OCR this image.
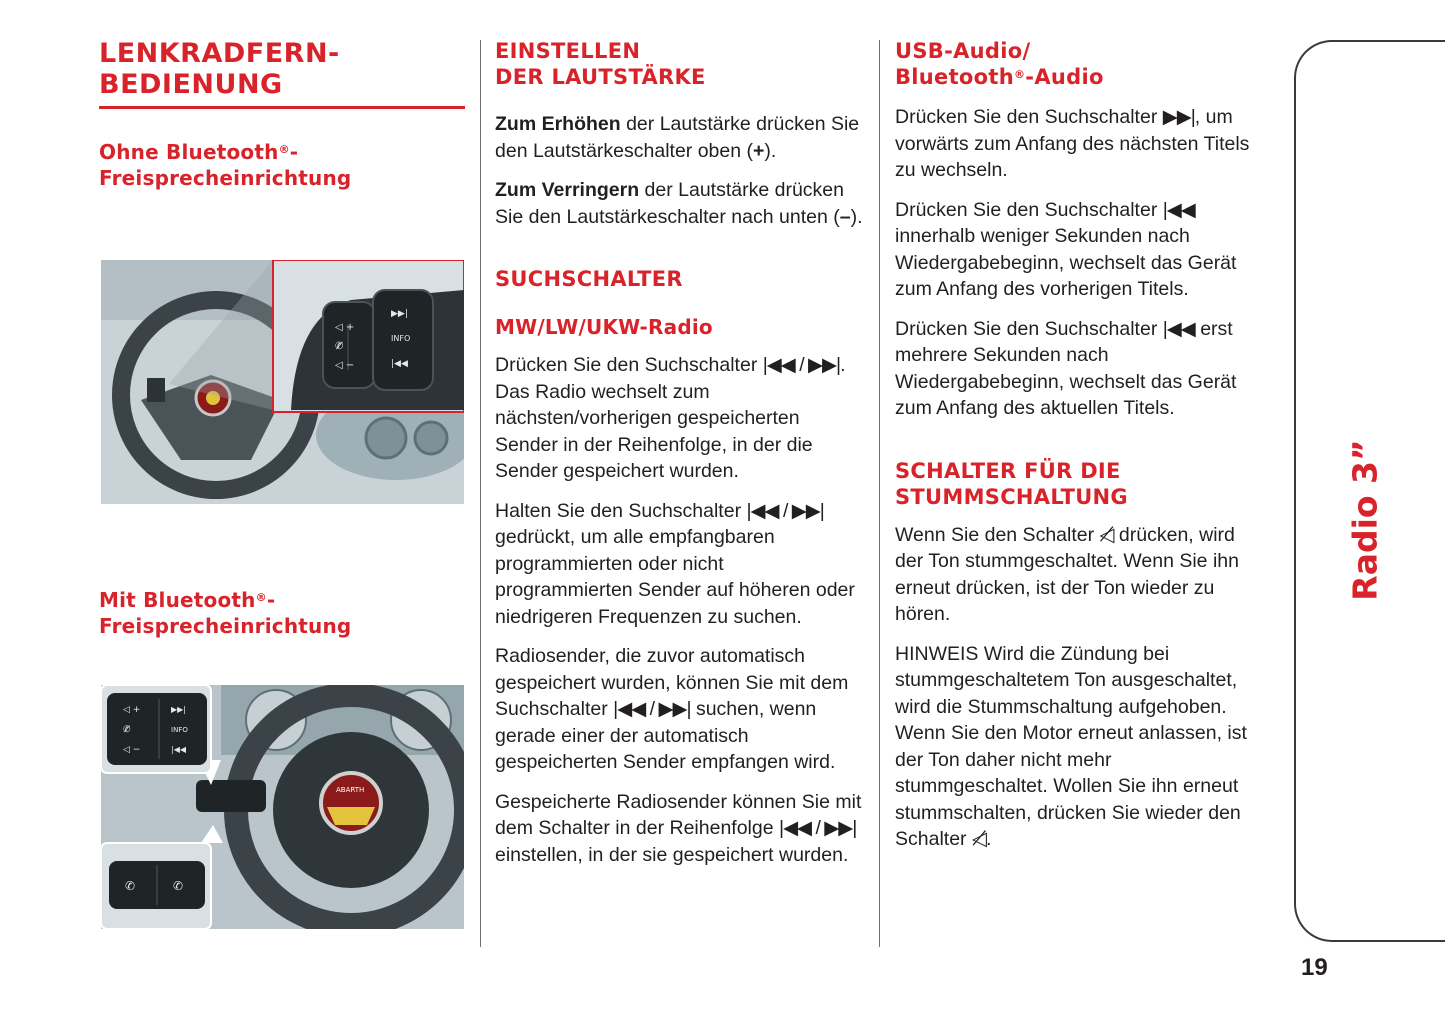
LENKRADFERN-
BEDIENUNG
Ohne Bluetooth®-
Freisprecheinrichtung
Mit Bluetooth®-
Freisprecheinrichtung
◁ +
✆̸
◁ −
▶▶|
INFO
|◀◀
ABARTH
◁ +
✆̸
◁ −
▶▶|
INFO
|◀◀
✆	✆
EINSTELLEN
DER LAUTSTÄRKE

Zum Erhöhen der Lautstärke drücken Sie den Lautstärkeschalter oben (+).

Zum Verringern der Lautstärke drücken Sie den Lautstärkeschalter nach unten (–).

SUCHSCHALTER
MW/LW/UKW-Radio

Drücken Sie den Suchschalter |◀◀ / ▶▶|. Das Radio wechselt zum nächsten/vorherigen gespeicherten Sender in der Reihenfolge, in der die Sender gespeichert wurden.

Halten Sie den Suchschalter |◀◀ / ▶▶| gedrückt, um alle empfangbaren programmierten oder nicht programmierten Sender auf höheren oder niedrigeren Frequenzen zu suchen.

Radiosender, die zuvor automatisch gespeichert wurden, können Sie mit dem Suchschalter |◀◀ / ▶▶| suchen, wenn gerade einer der automatisch gespeicherten Sender empfangen wird.

Gespeicherte Radiosender können Sie mit dem Schalter in der Reihenfolge |◀◀ / ▶▶| einstellen, in der sie gespeichert wurden.

USB-Audio/
Bluetooth®-Audio

Drücken Sie den Suchschalter ▶▶|, um vorwärts zum Anfang des nächsten Titels zu wechseln.

Drücken Sie den Suchschalter |◀◀ innerhalb weniger Sekunden nach Wiedergabebeginn, wechselt das Gerät zum Anfang des vorherigen Titels.

Drücken Sie den Suchschalter |◀◀ erst mehrere Sekunden nach Wiedergabebeginn, wechselt das Gerät zum Anfang des aktuellen Titels.

SCHALTER FÜR DIE
STUMMSCHALTUNG

Wenn Sie den Schalter ◁̸ drücken, wird der Ton stummgeschaltet. Wenn Sie ihn erneut drücken, ist der Ton wieder zu hören.

HINWEIS Wird die Zündung bei stummgeschaltetem Ton ausgeschaltet, wird die Stummschaltung aufgehoben. Wenn Sie den Motor erneut anlassen, ist der Ton daher nicht mehr stummgeschaltet. Wollen Sie ihn erneut stummschalten, drücken Sie wieder den Schalter ◁̸.

Radio 3”
19
